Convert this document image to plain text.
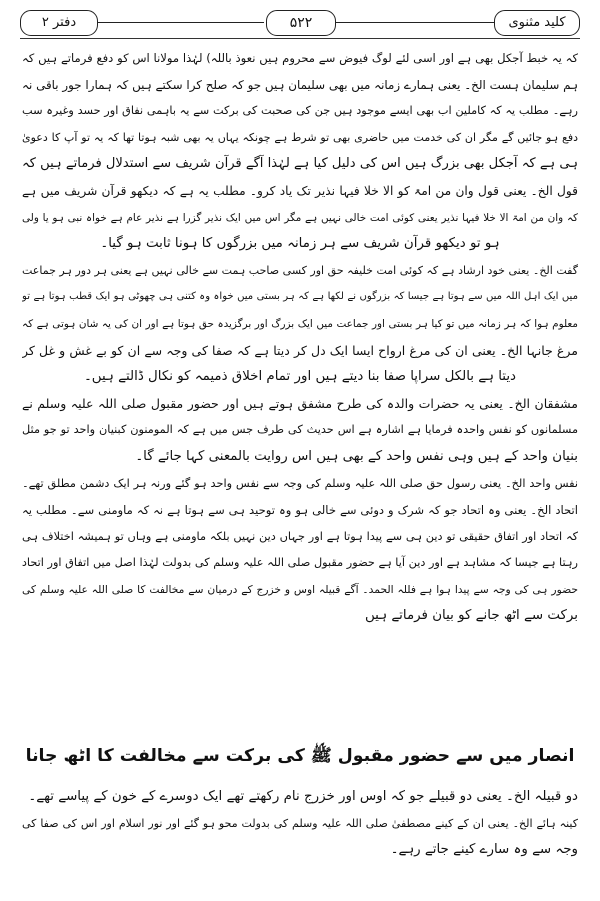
دفتر ۲	۵۲۲	کلید مثنوی
کہ یہ خبط آجکل بھی ہے اور اسی لئے لوگ فیوض سے محروم ہیں نعوذ باللہ) لہٰذا مولانا اس کو دفع فرماتے ہیں کہ
ہم سلیمان ہست الخ۔ یعنی ہمارے زمانہ میں بھی سلیمان ہیں جو کہ صلح کرا سکتے ہیں کہ ہمارا جور باقی نہ
رہے۔ مطلب یہ کہ کاملین اب بھی ایسے موجود ہیں جن کی صحبت کی برکت سے یہ باہمی نفاق اور حسد وغیرہ سب
دفع ہو جائیں گے مگر ان کی خدمت میں حاضری بھی تو شرط ہے چونکہ یہاں یہ بھی شبہ ہوتا تھا کہ یہ تو آپ کا دعویٰ
ہی ہے کہ آجکل بھی بزرگ ہیں اس کی دلیل کیا ہے لہٰذا آگے قرآن شریف سے استدلال فرماتے ہیں کہ
قول الخ۔ یعنی قول وان من امۃ کو الا خلا فیہا نذیر تک یاد کرو۔ مطلب یہ ہے کہ دیکھو قرآن شریف میں ہے
کہ وان من امۃ الا خلا فیہا نذیر یعنی کوئی امت خالی نہیں ہے مگر اس میں ایک نذیر گزرا ہے نذیر عام ہے خواہ نبی ہو یا ولی
ہو تو دیکھو قرآن شریف سے ہر زمانہ میں بزرگوں کا ہونا ثابت ہو گیا۔
گفت الخ۔ یعنی خود ارشاد ہے کہ کوئی امت خلیفہ حق اور کسی صاحب ہمت سے خالی نہیں ہے یعنی ہر دور ہر جماعت
میں ایک اہل اللہ میں سے ہوتا ہے جیسا کہ بزرگوں نے لکھا ہے کہ ہر بستی میں خواہ وہ کتنی ہی چھوٹی ہو ایک قطب ہوتا ہے تو
معلوم ہوا کہ ہر زمانہ میں تو کیا ہر بستی اور جماعت میں ایک بزرگ اور برگزیدہ حق ہوتا ہے اور ان کی یہ شان ہوتی ہے کہ
مرغ جانہا الخ۔ یعنی ان کی مرغ ارواح ایسا ایک دل کر دیتا ہے کہ صفا کی وجہ سے ان کو بے غش و غل کر
دیتا ہے بالکل سراپا صفا بنا دیتے ہیں اور تمام اخلاق ذمیمہ کو نکال ڈالتے ہیں۔
مشفقان الخ۔ یعنی یہ حضرات والدہ کی طرح مشفق ہوتے ہیں اور حضور مقبول صلی اللہ علیہ وسلم نے
مسلمانوں کو نفس واحدہ فرمایا ہے اشارہ ہے اس حدیث کی طرف جس میں ہے کہ المومنون کبنیان واحد تو جو مثل
بنیان واحد کے ہیں وہی نفس واحد کے بھی ہیں اس روایت بالمعنی کہا جائے گا۔
نفس واحد الخ۔ یعنی رسول حق صلی اللہ علیہ وسلم کی وجہ سے نفس واحد ہو گئے ورنہ ہر ایک دشمن مطلق تھے۔
اتحاد الخ۔ یعنی وہ اتحاد جو کہ شرک و دوئی سے خالی ہو وہ توحید ہی سے ہوتا ہے نہ کہ ماومنی سے۔ مطلب یہ
کہ اتحاد اور اتفاق حقیقی تو دین ہی سے پیدا ہوتا ہے اور جہاں دین نہیں بلکہ ماومنی ہے وہاں تو ہمیشہ اختلاف ہی
رہتا ہے جیسا کہ مشاہد ہے اور دین آیا ہے حضور مقبول صلی اللہ علیہ وسلم کی بدولت لہٰذا اصل میں اتفاق اور اتحاد
حضور ہی کی وجہ سے پیدا ہوا ہے فللہ الحمد۔ آگے قبیلہ اوس و خزرج کے درمیان سے مخالفت کا صلی اللہ علیہ وسلم کی
برکت سے اٹھ جانے کو بیان فرماتے ہیں
انصار میں سے حضور مقبول ﷺ کی برکت سے مخالفت کا اٹھ جانا
دو قبیلہ الخ۔ یعنی دو قبیلے جو کہ اوس اور خزرج نام رکھتے تھے ایک دوسرے کے خون کے پیاسے تھے۔
کینہ ہائے الخ۔ یعنی ان کے کینے مصطفیٰ صلی اللہ علیہ وسلم کی بدولت محو ہو گئے اور نور اسلام اور اس کی صفا کی
وجہ سے وہ سارے کینے جاتے رہے۔
